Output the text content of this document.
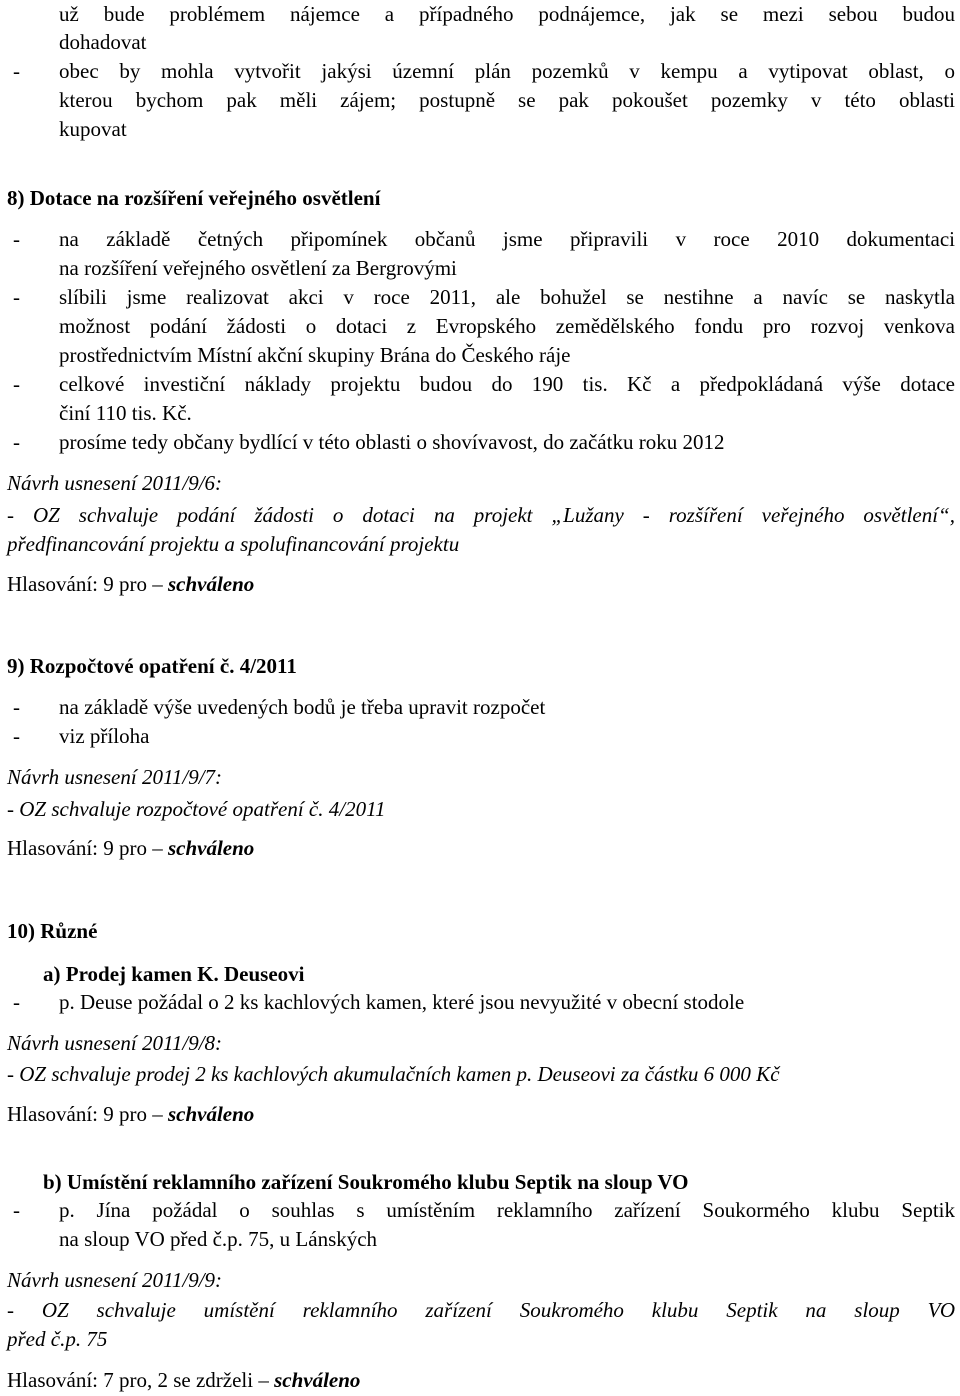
už bude problémem nájemce a případného podnájemce, jak se mezi sebou budou
dohadovat
- obec by mohla vytvořit jakýsi územní plán pozemků v kempu a vytipovat oblast, o
kterou bychom pak měli zájem; postupně se pak pokoušet pozemky v této oblasti
kupovat
8) Dotace na rozšíření veřejného osvětlení
- na základě četných připomínek občanů jsme připravili v roce 2010 dokumentaci
na rozšíření veřejného osvětlení za Bergrovými
- slíbili jsme realizovat akci v roce 2011, ale bohužel se nestihne a navíc se naskytla
možnost podání žádosti o dotaci z Evropského zemědělského fondu pro rozvoj venkova
prostřednictvím Místní akční skupiny Brána do Českého ráje
- celkové investiční náklady projektu budou do 190 tis. Kč a předpokládaná výše dotace
činí 110 tis. Kč.
- prosíme tedy občany bydlící v této oblasti o shovívavost, do začátku roku 2012
Návrh usnesení 2011/9/6:
- OZ schvaluje podání žádosti o dotaci na projekt „Lužany - rozšíření veřejného osvětlení“,
předfinancování projektu a spolufinancování projektu
Hlasování: 9 pro – schváleno
9) Rozpočtové opatření č. 4/2011
- na základě výše uvedených bodů je třeba upravit rozpočet
- viz příloha
Návrh usnesení 2011/9/7:
- OZ schvaluje rozpočtové opatření č. 4/2011
Hlasování: 9 pro – schváleno
10) Různé
a) Prodej kamen K. Deuseovi
- p. Deuse požádal o 2 ks kachlových kamen, které jsou nevyužité v obecní stodole
Návrh usnesení 2011/9/8:
- OZ schvaluje prodej 2 ks kachlových akumulačních kamen p. Deuseovi za částku 6 000 Kč
Hlasování: 9 pro – schváleno
b) Umístění reklamního zařízení Soukromého klubu Septik na sloup VO
- p. Jína požádal o souhlas s umístěním reklamního zařízení Soukorméhо klubu Septik
na sloup VO před č.p. 75, u Lánských
Návrh usnesení 2011/9/9:
- OZ schvaluje umístění reklamního zařízení Soukromého klubu Septik na sloup VO
před č.p. 75
Hlasování: 7 pro, 2 se zdrželi – schváleno
